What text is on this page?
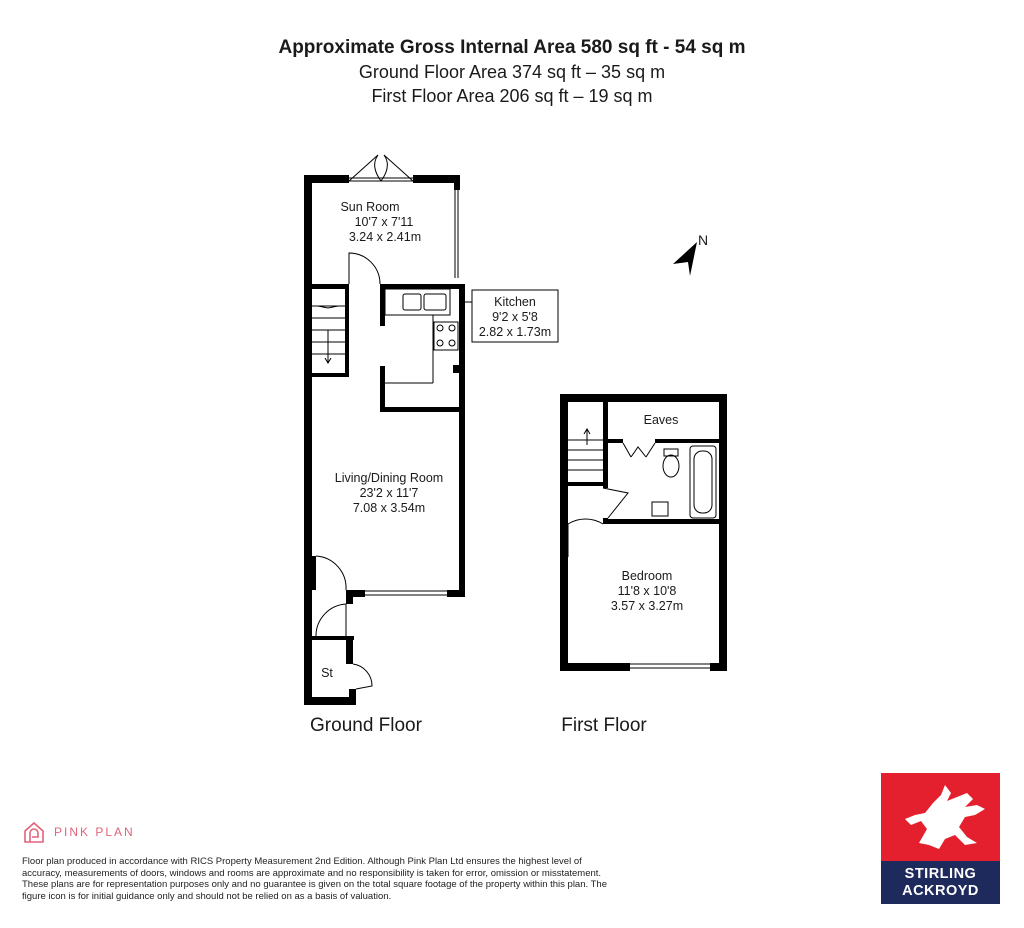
Approximate Gross Internal Area 580 sq ft - 54 sq m
Ground Floor Area 374 sq ft – 35 sq m
First Floor Area 206 sq ft – 19 sq m
N
Sun Room
10'7 x 7'11
3.24 x 2.41m
Kitchen
9'2 x 5'8
2.82 x 1.73m
Living/Dining Room
23'2 x 11'7
7.08 x 3.54m
St
Eaves
Bedroom
11'8 x 10'8
3.57 x 3.27m
Ground Floor	First Floor
PINK PLAN
Floor plan produced in accordance with RICS Property Measurement 2nd Edition. Although Pink Plan Ltd ensures the highest level of accuracy, measurements of doors, windows and rooms are approximate and no responsibility is taken for error, omission or misstatement. These plans are for representation purposes only and no guarantee is given on the total square footage of the property within this plan. The figure icon is for initial guidance only and should not be relied on as a basis of valuation.
STIRLING
ACKROYD
